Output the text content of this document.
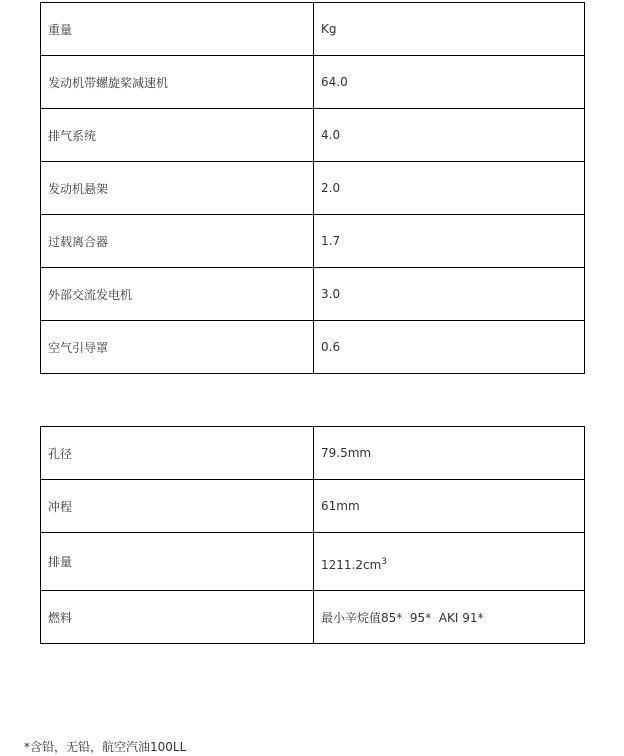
重量	Kg
发动机带螺旋桨减速机	64.0
排气系统	4.0
发动机悬架	2.0
过载离合器	1.7
外部交流发电机	3.0
空气引导罩	0.6
孔径	79.5mm
冲程	61mm
排量	$1211.2cm^3$
燃料	最小辛烷值85*  95*  AKI 91*
*含铅，无铅，航空汽油100LL
